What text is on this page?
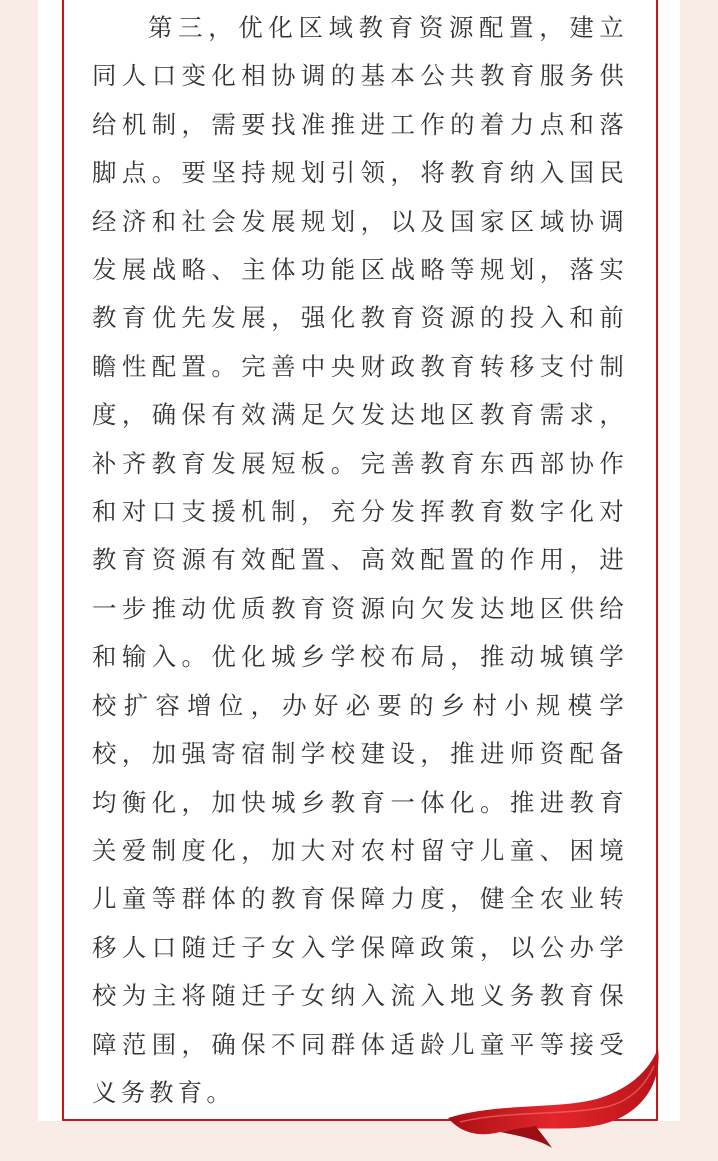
第三，优化区域教育资源配置，建立同人口变化相协调的基本公共教育服务供给机制，需要找准推进工作的着力点和落脚点。要坚持规划引领，将教育纳入国民经济和社会发展规划，以及国家区域协调发展战略、主体功能区战略等规划，落实教育优先发展，强化教育资源的投入和前瞻性配置。完善中央财政教育转移支付制度，确保有效满足欠发达地区教育需求，补齐教育发展短板。完善教育东西部协作和对口支援机制，充分发挥教育数字化对教育资源有效配置、高效配置的作用，进一步推动优质教育资源向欠发达地区供给和输入。优化城乡学校布局，推动城镇学校扩容增位，办好必要的乡村小规模学校，加强寄宿制学校建设，推进师资配备均衡化，加快城乡教育一体化。推进教育关爱制度化，加大对农村留守儿童、困境儿童等群体的教育保障力度，健全农业转移人口随迁子女入学保障政策，以公办学校为主将随迁子女纳入流入地义务教育保障范围，确保不同群体适龄儿童平等接受义务教育。
